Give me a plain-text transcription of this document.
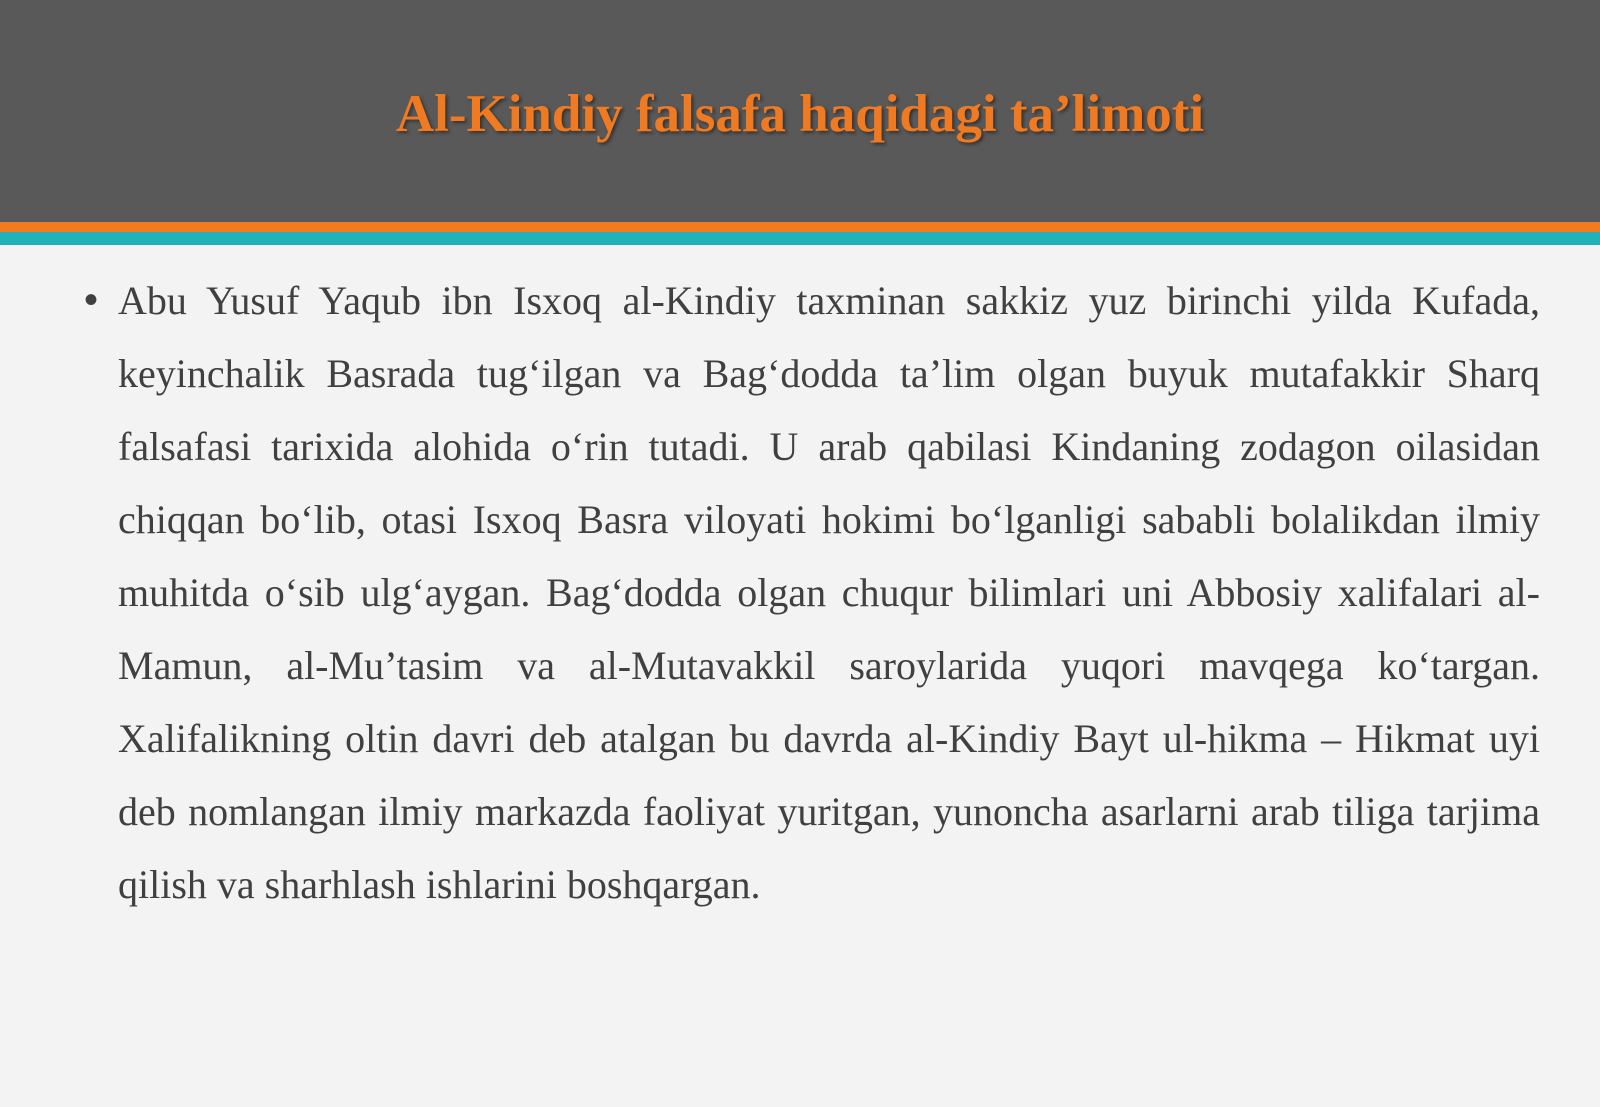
Al-Kindiy falsafa haqidagi ta’limoti
• Abu Yusuf Yaqub ibn Isxoq al-Kindiy taxminan sakkiz yuz birinchi yilda Kufada, keyinchalik Basrada tug‘ilgan va Bag‘dodda ta’lim olgan buyuk mutafakkir Sharq falsafasi tarixida alohida o‘rin tutadi. U arab qabilasi Kindaning zodagon oilasidan chiqqan bo‘lib, otasi Isxoq Basra viloyati hokimi bo‘lganligi sababli bolalikdan ilmiy muhitda o‘sib ulg‘aygan. Bag‘dodda olgan chuqur bilimlari uni Abbosiy xalifalari al-Mamun, al-Mu’tasim va al-Mutavakkil saroylarida yuqori mavqega ko‘targan. Xalifalikning oltin davri deb atalgan bu davrda al-Kindiy Bayt ul-hikma – Hikmat uyi deb nomlangan ilmiy markazda faoliyat yuritgan, yunoncha asarlarni arab tiliga tarjima qilish va sharhlash ishlarini boshqargan.
